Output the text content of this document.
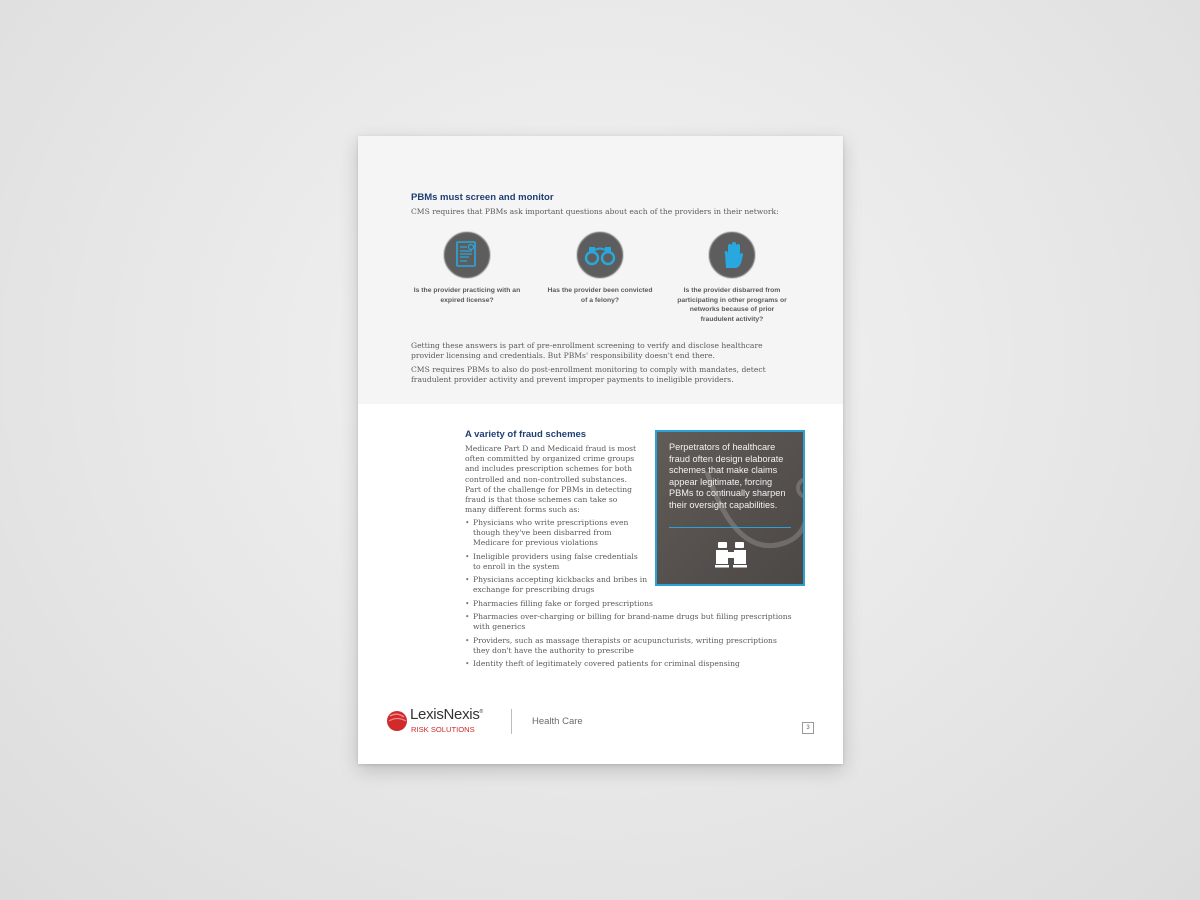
PBMs must screen and monitor

CMS requires that PBMs ask important questions about each of the providers in their network:

Is the provider practicing with an expired license?
Has the provider been convicted of a felony?
Is the provider disbarred from participating in other programs or networks because of prior fraudulent activity?

Getting these answers is part of pre-enrollment screening to verify and disclose healthcare provider licensing and credentials. But PBMs' responsibility doesn't end there.

CMS requires PBMs to also do post-enrollment monitoring to comply with mandates, detect fraudulent provider activity and prevent improper payments to ineligible providers.

A variety of fraud schemes

Medicare Part D and Medicaid fraud is most often committed by organized crime groups and includes prescription schemes for both controlled and non-controlled substances. Part of the challenge for PBMs in detecting fraud is that those schemes can take so many different forms such as:

• Physicians who write prescriptions even though they've been disbarred from Medicare for previous violations
• Ineligible providers using false credentials to enroll in the system
• Physicians accepting kickbacks and bribes in exchange for prescribing drugs
• Pharmacies filling fake or forged prescriptions
• Pharmacies over-charging or billing for brand-name drugs but filling prescriptions with generics
• Providers, such as massage therapists or acupuncturists, writing prescriptions they don't have the authority to prescribe
• Identity theft of legitimately covered patients for criminal dispensing

Perpetrators of healthcare fraud often design elaborate schemes that make claims appear legitimate, forcing PBMs to continually sharpen their oversight capabilities.

LexisNexis®
RISK SOLUTIONS
Health Care
3
